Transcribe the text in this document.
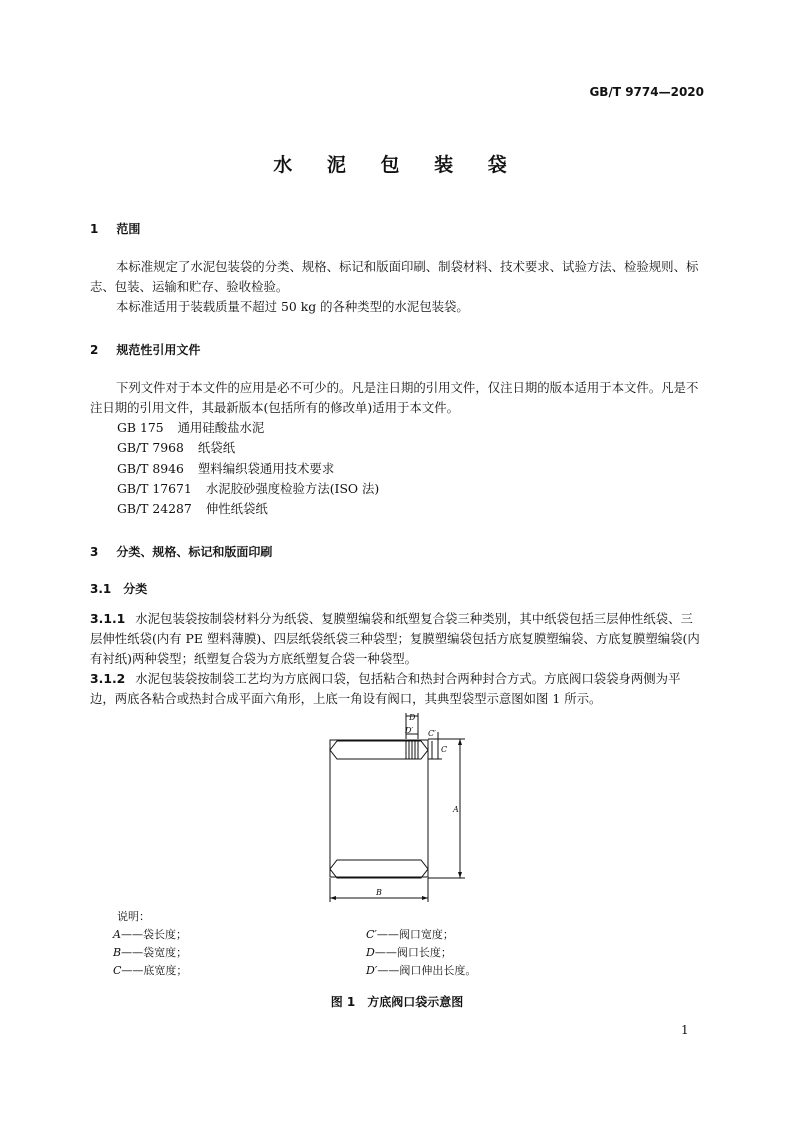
GB/T 9774—2020
水 泥 包 装 袋
1 范围
本标准规定了水泥包装袋的分类、规格、标记和版面印刷、制袋材料、技术要求、试验方法、检验规则、标志、包装、运输和贮存、验收检验。
本标准适用于装载质量不超过 50 kg 的各种类型的水泥包装袋。
2 规范性引用文件
下列文件对于本文件的应用是必不可少的。凡是注日期的引用文件，仅注日期的版本适用于本文件。凡是不注日期的引用文件，其最新版本(包括所有的修改单)适用于本文件。
GB 175 通用硅酸盐水泥
GB/T 7968 纸袋纸
GB/T 8946 塑料编织袋通用技术要求
GB/T 17671 水泥胶砂强度检验方法(ISO 法)
GB/T 24287 伸性纸袋纸
3 分类、规格、标记和版面印刷
3.1 分类
3.1.1 水泥包装袋按制袋材料分为纸袋、复膜塑编袋和纸塑复合袋三种类别，其中纸袋包括三层伸性纸袋、三层伸性纸袋(内有 PE 塑料薄膜)、四层纸袋纸袋三种袋型；复膜塑编袋包括方底复膜塑编袋、方底复膜塑编袋(内有衬纸)两种袋型；纸塑复合袋为方底纸塑复合袋一种袋型。
3.1.2 水泥包装袋按制袋工艺均为方底阀口袋，包括粘合和热封合两种封合方式。方底阀口袋袋身两侧为平边，两底各粘合或热封合成平面六角形，上底一角设有阀口，其典型袋型示意图如图 1 所示。
D
D′ C′
C
A
B
说明：
A——袋长度；
B——袋宽度；
C——底宽度；
C′——阀口宽度；
D——阀口长度；
D′——阀口伸出长度。
图 1　方底阀口袋示意图
1
